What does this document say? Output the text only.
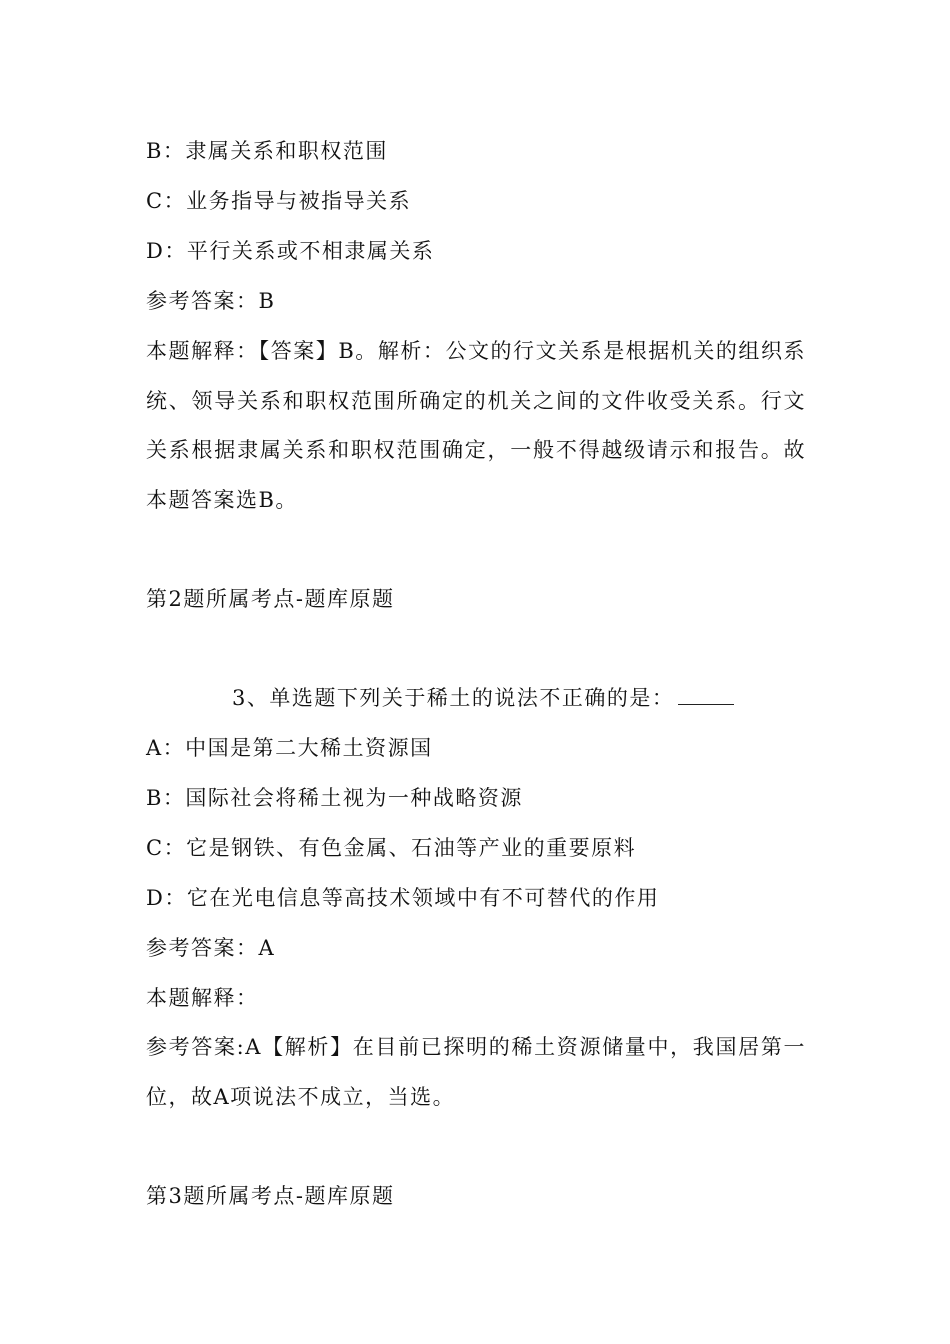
B：隶属关系和职权范围
C：业务指导与被指导关系
D：平行关系或不相隶属关系
参考答案：B
本题解释：【答案】B。解析：公文的行文关系是根据机关的组织系统、领导关系和职权范围所确定的机关之间的文件收受关系。行文关系根据隶属关系和职权范围确定，一般不得越级请示和报告。故本题答案选B。
第2题所属考点-题库原题
3、单选题下列关于稀土的说法不正确的是：
A：中国是第二大稀土资源国
B：国际社会将稀土视为一种战略资源
C：它是钢铁、有色金属、石油等产业的重要原料
D：它在光电信息等高技术领域中有不可替代的作用
参考答案：A
本题解释：
参考答案:A【解析】在目前已探明的稀土资源储量中，我国居第一位，故A项说法不成立，当选。
第3题所属考点-题库原题
